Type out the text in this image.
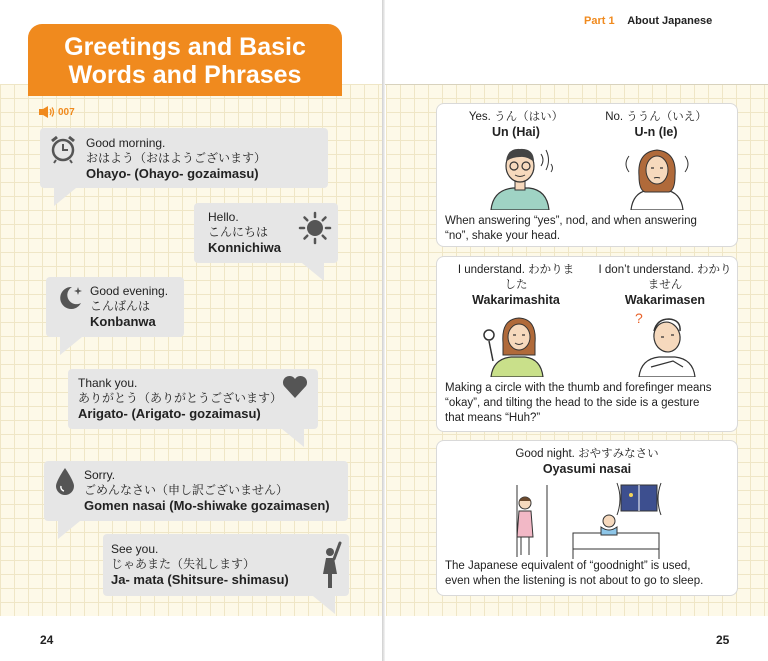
Greetings and Basic
Words and Phrases
007
Good morning.
おはよう（おはようございます）
Ohayo- (Ohayo- gozaimasu)
Hello.
こんにちは
Konnichiwa
Good evening.
こんばんは
Konbanwa
Thank you.
ありがとう（ありがとうございます）
Arigato- (Arigato- gozaimasu)
Sorry.
ごめんなさい（申し訳ございません）
Gomen nasai (Mo-shiwake gozaimasen)
See you.
じゃあまた（失礼します）
Ja- mata (Shitsure- shimasu)
24	25
Part 1 About Japanese
Yes. うん（はい）
Un (Hai)
No. ううん（いえ）
U-n (Ie)
When answering “yes”, nod, and when answering
“no”, shake your head.
I understand. わかりました
Wakarimashita
I don’t understand. わかりません
Wakarimasen
?
Making a circle with the thumb and forefinger means
“okay”, and tilting the head to the side is a gesture
that means “Huh?”
Good night. おやすみなさい
Oyasumi nasai
The Japanese equivalent of “goodnight” is used,
even when the listening is not about to go to sleep.
